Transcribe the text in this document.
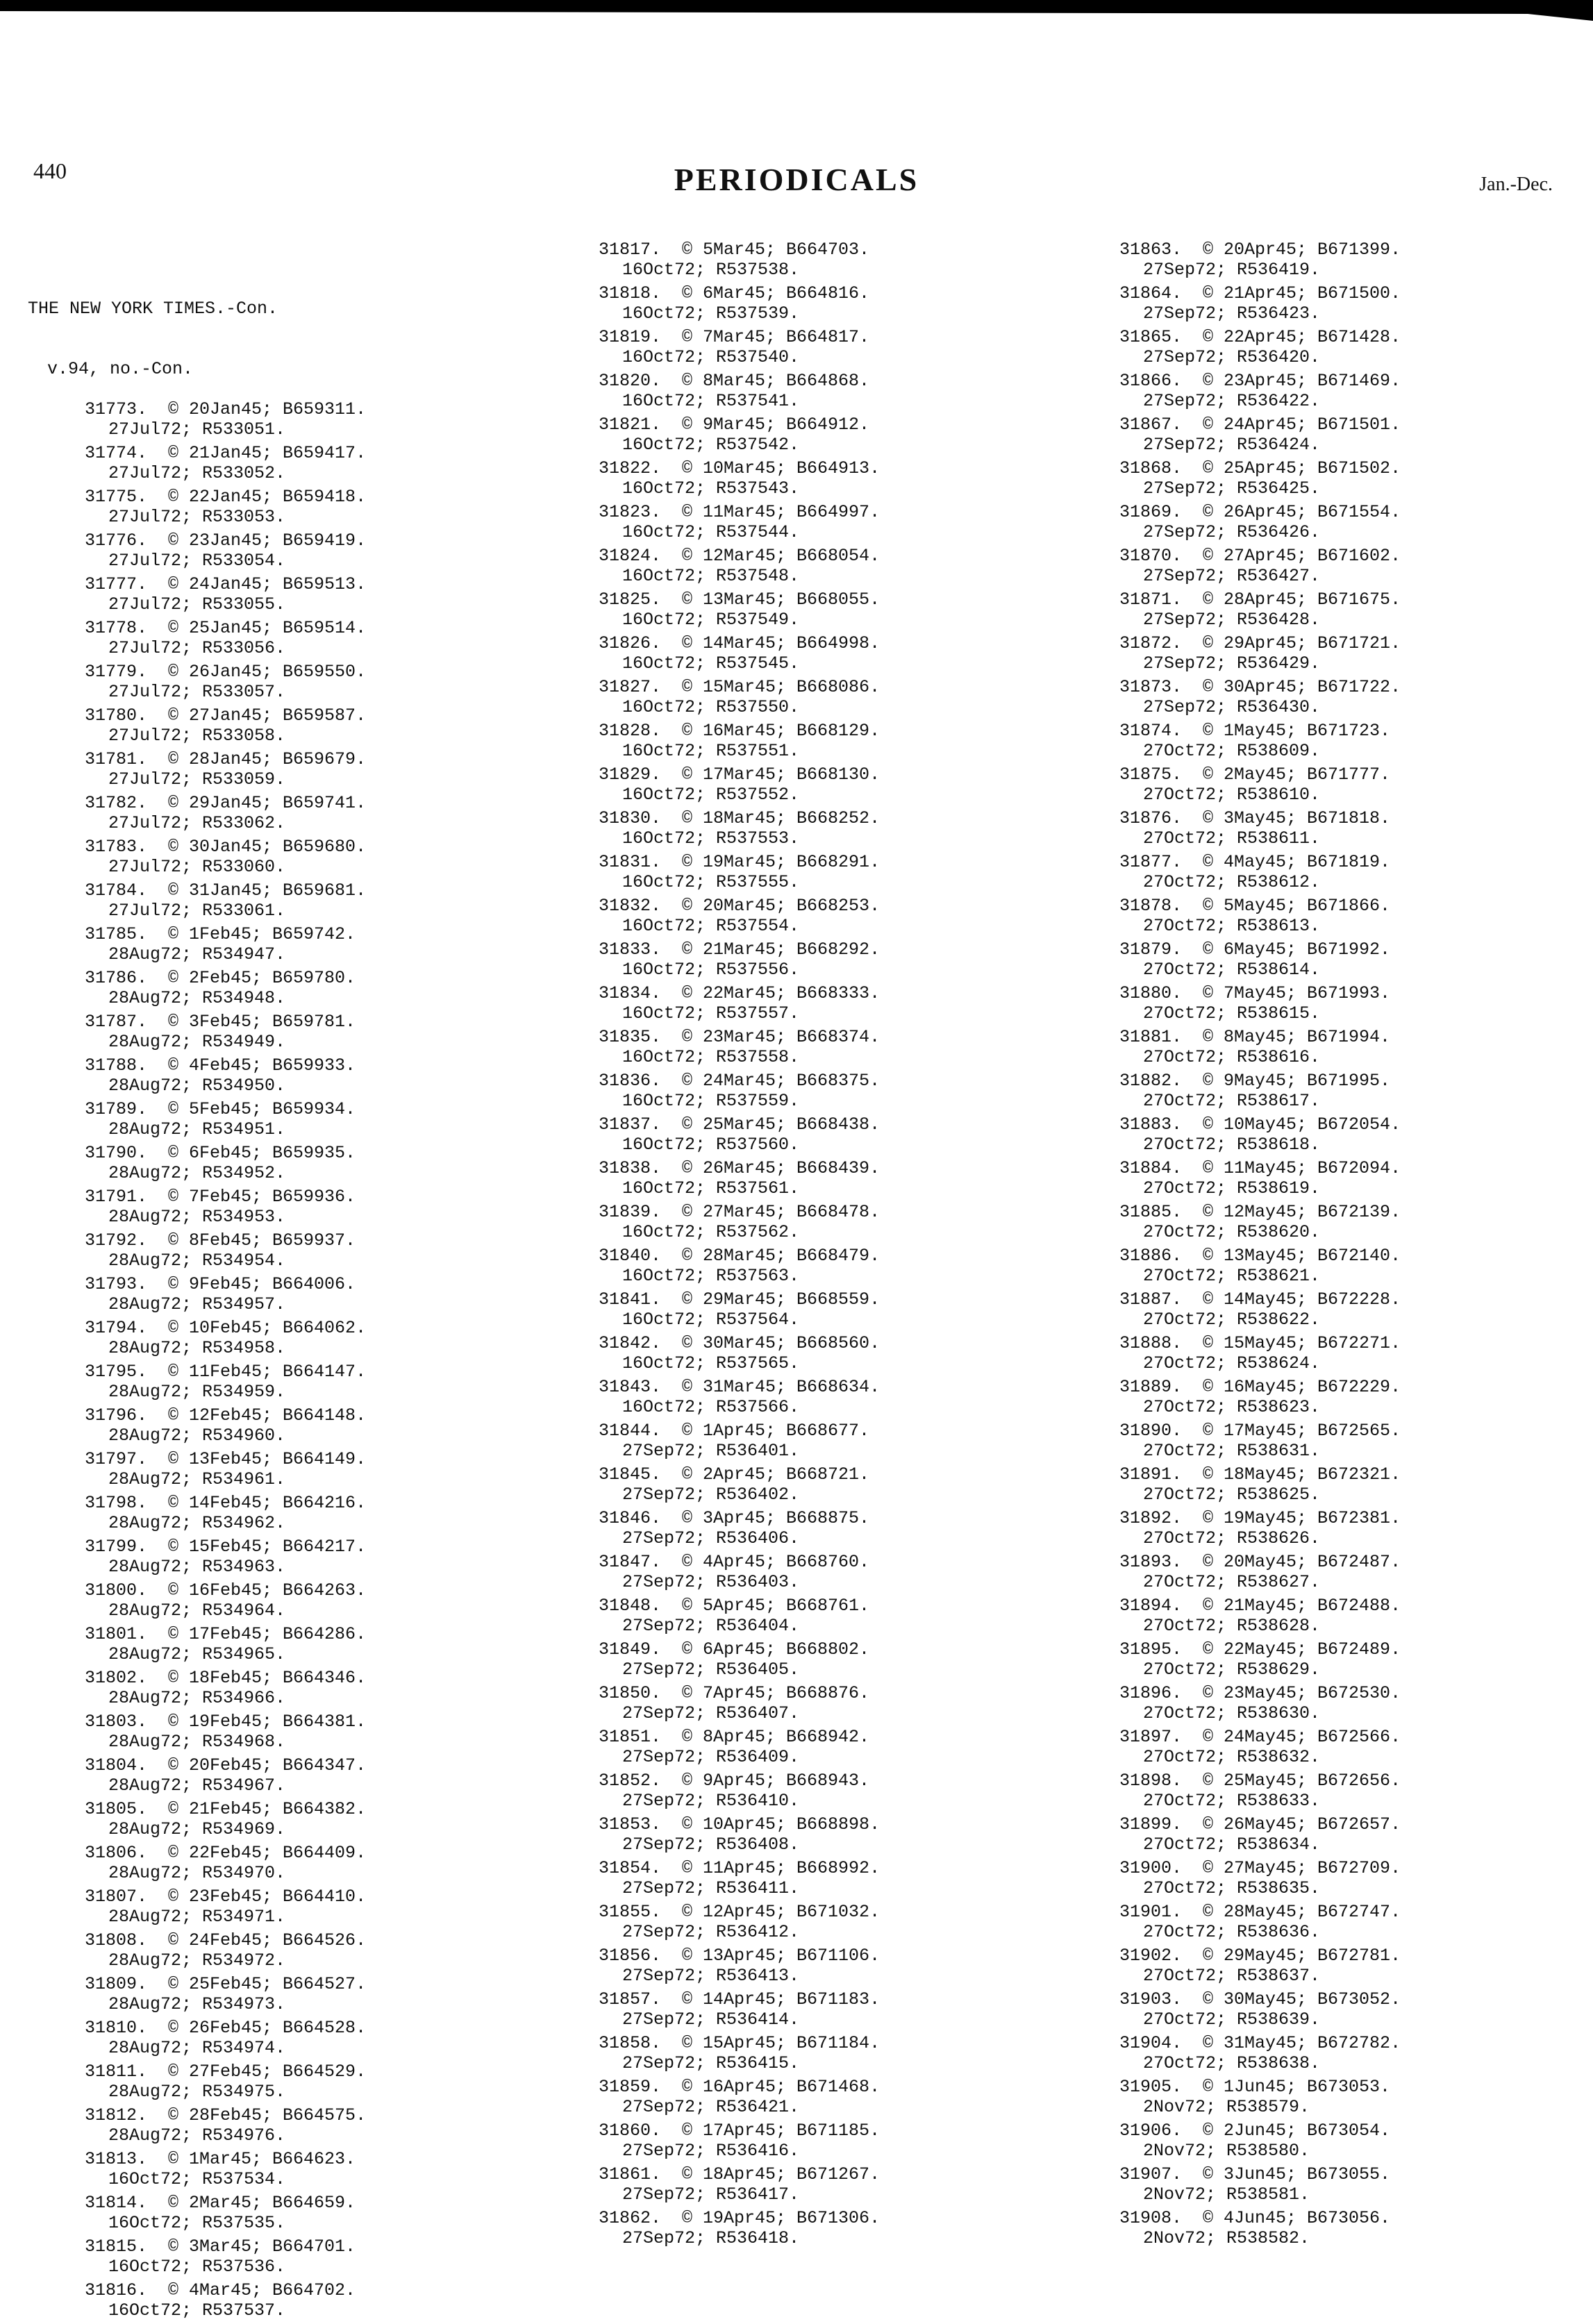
440	PERIODICALS	Jan.-Dec.

THE NEW YORK TIMES.-Con.

v.94, no.-Con.

31773.  © 20Jan45; B659311.
27Jul72; R533051.
31774.  © 21Jan45; B659417.
27Jul72; R533052.
31775.  © 22Jan45; B659418.
27Jul72; R533053.
31776.  © 23Jan45; B659419.
27Jul72; R533054.
31777.  © 24Jan45; B659513.
27Jul72; R533055.
31778.  © 25Jan45; B659514.
27Jul72; R533056.
31779.  © 26Jan45; B659550.
27Jul72; R533057.
31780.  © 27Jan45; B659587.
27Jul72; R533058.
31781.  © 28Jan45; B659679.
27Jul72; R533059.
31782.  © 29Jan45; B659741.
27Jul72; R533062.
31783.  © 30Jan45; B659680.
27Jul72; R533060.
31784.  © 31Jan45; B659681.
27Jul72; R533061.
31785.  © 1Feb45; B659742.
28Aug72; R534947.
31786.  © 2Feb45; B659780.
28Aug72; R534948.
31787.  © 3Feb45; B659781.
28Aug72; R534949.
31788.  © 4Feb45; B659933.
28Aug72; R534950.
31789.  © 5Feb45; B659934.
28Aug72; R534951.
31790.  © 6Feb45; B659935.
28Aug72; R534952.
31791.  © 7Feb45; B659936.
28Aug72; R534953.
31792.  © 8Feb45; B659937.
28Aug72; R534954.
31793.  © 9Feb45; B664006.
28Aug72; R534957.
31794.  © 10Feb45; B664062.
28Aug72; R534958.
31795.  © 11Feb45; B664147.
28Aug72; R534959.
31796.  © 12Feb45; B664148.
28Aug72; R534960.
31797.  © 13Feb45; B664149.
28Aug72; R534961.
31798.  © 14Feb45; B664216.
28Aug72; R534962.
31799.  © 15Feb45; B664217.
28Aug72; R534963.
31800.  © 16Feb45; B664263.
28Aug72; R534964.
31801.  © 17Feb45; B664286.
28Aug72; R534965.
31802.  © 18Feb45; B664346.
28Aug72; R534966.
31803.  © 19Feb45; B664381.
28Aug72; R534968.
31804.  © 20Feb45; B664347.
28Aug72; R534967.
31805.  © 21Feb45; B664382.
28Aug72; R534969.
31806.  © 22Feb45; B664409.
28Aug72; R534970.
31807.  © 23Feb45; B664410.
28Aug72; R534971.
31808.  © 24Feb45; B664526.
28Aug72; R534972.
31809.  © 25Feb45; B664527.
28Aug72; R534973.
31810.  © 26Feb45; B664528.
28Aug72; R534974.
31811.  © 27Feb45; B664529.
28Aug72; R534975.
31812.  © 28Feb45; B664575.
28Aug72; R534976.
31813.  © 1Mar45; B664623.
16Oct72; R537534.
31814.  © 2Mar45; B664659.
16Oct72; R537535.
31815.  © 3Mar45; B664701.
16Oct72; R537536.
31816.  © 4Mar45; B664702.
16Oct72; R537537.
31817.  © 5Mar45; B664703.
16Oct72; R537538.
31818.  © 6Mar45; B664816.
16Oct72; R537539.
31819.  © 7Mar45; B664817.
16Oct72; R537540.
31820.  © 8Mar45; B664868.
16Oct72; R537541.
31821.  © 9Mar45; B664912.
16Oct72; R537542.
31822.  © 10Mar45; B664913.
16Oct72; R537543.
31823.  © 11Mar45; B664997.
16Oct72; R537544.
31824.  © 12Mar45; B668054.
16Oct72; R537548.
31825.  © 13Mar45; B668055.
16Oct72; R537549.
31826.  © 14Mar45; B664998.
16Oct72; R537545.
31827.  © 15Mar45; B668086.
16Oct72; R537550.
31828.  © 16Mar45; B668129.
16Oct72; R537551.
31829.  © 17Mar45; B668130.
16Oct72; R537552.
31830.  © 18Mar45; B668252.
16Oct72; R537553.
31831.  © 19Mar45; B668291.
16Oct72; R537555.
31832.  © 20Mar45; B668253.
16Oct72; R537554.
31833.  © 21Mar45; B668292.
16Oct72; R537556.
31834.  © 22Mar45; B668333.
16Oct72; R537557.
31835.  © 23Mar45; B668374.
16Oct72; R537558.
31836.  © 24Mar45; B668375.
16Oct72; R537559.
31837.  © 25Mar45; B668438.
16Oct72; R537560.
31838.  © 26Mar45; B668439.
16Oct72; R537561.
31839.  © 27Mar45; B668478.
16Oct72; R537562.
31840.  © 28Mar45; B668479.
16Oct72; R537563.
31841.  © 29Mar45; B668559.
16Oct72; R537564.
31842.  © 30Mar45; B668560.
16Oct72; R537565.
31843.  © 31Mar45; B668634.
16Oct72; R537566.
31844.  © 1Apr45; B668677.
27Sep72; R536401.
31845.  © 2Apr45; B668721.
27Sep72; R536402.
31846.  © 3Apr45; B668875.
27Sep72; R536406.
31847.  © 4Apr45; B668760.
27Sep72; R536403.
31848.  © 5Apr45; B668761.
27Sep72; R536404.
31849.  © 6Apr45; B668802.
27Sep72; R536405.
31850.  © 7Apr45; B668876.
27Sep72; R536407.
31851.  © 8Apr45; B668942.
27Sep72; R536409.
31852.  © 9Apr45; B668943.
27Sep72; R536410.
31853.  © 10Apr45; B668898.
27Sep72; R536408.
31854.  © 11Apr45; B668992.
27Sep72; R536411.
31855.  © 12Apr45; B671032.
27Sep72; R536412.
31856.  © 13Apr45; B671106.
27Sep72; R536413.
31857.  © 14Apr45; B671183.
27Sep72; R536414.
31858.  © 15Apr45; B671184.
27Sep72; R536415.
31859.  © 16Apr45; B671468.
27Sep72; R536421.
31860.  © 17Apr45; B671185.
27Sep72; R536416.
31861.  © 18Apr45; B671267.
27Sep72; R536417.
31862.  © 19Apr45; B671306.
27Sep72; R536418.
31863.  © 20Apr45; B671399.
27Sep72; R536419.
31864.  © 21Apr45; B671500.
27Sep72; R536423.
31865.  © 22Apr45; B671428.
27Sep72; R536420.
31866.  © 23Apr45; B671469.
27Sep72; R536422.
31867.  © 24Apr45; B671501.
27Sep72; R536424.
31868.  © 25Apr45; B671502.
27Sep72; R536425.
31869.  © 26Apr45; B671554.
27Sep72; R536426.
31870.  © 27Apr45; B671602.
27Sep72; R536427.
31871.  © 28Apr45; B671675.
27Sep72; R536428.
31872.  © 29Apr45; B671721.
27Sep72; R536429.
31873.  © 30Apr45; B671722.
27Sep72; R536430.
31874.  © 1May45; B671723.
27Oct72; R538609.
31875.  © 2May45; B671777.
27Oct72; R538610.
31876.  © 3May45; B671818.
27Oct72; R538611.
31877.  © 4May45; B671819.
27Oct72; R538612.
31878.  © 5May45; B671866.
27Oct72; R538613.
31879.  © 6May45; B671992.
27Oct72; R538614.
31880.  © 7May45; B671993.
27Oct72; R538615.
31881.  © 8May45; B671994.
27Oct72; R538616.
31882.  © 9May45; B671995.
27Oct72; R538617.
31883.  © 10May45; B672054.
27Oct72; R538618.
31884.  © 11May45; B672094.
27Oct72; R538619.
31885.  © 12May45; B672139.
27Oct72; R538620.
31886.  © 13May45; B672140.
27Oct72; R538621.
31887.  © 14May45; B672228.
27Oct72; R538622.
31888.  © 15May45; B672271.
27Oct72; R538624.
31889.  © 16May45; B672229.
27Oct72; R538623.
31890.  © 17May45; B672565.
27Oct72; R538631.
31891.  © 18May45; B672321.
27Oct72; R538625.
31892.  © 19May45; B672381.
27Oct72; R538626.
31893.  © 20May45; B672487.
27Oct72; R538627.
31894.  © 21May45; B672488.
27Oct72; R538628.
31895.  © 22May45; B672489.
27Oct72; R538629.
31896.  © 23May45; B672530.
27Oct72; R538630.
31897.  © 24May45; B672566.
27Oct72; R538632.
31898.  © 25May45; B672656.
27Oct72; R538633.
31899.  © 26May45; B672657.
27Oct72; R538634.
31900.  © 27May45; B672709.
27Oct72; R538635.
31901.  © 28May45; B672747.
27Oct72; R538636.
31902.  © 29May45; B672781.
27Oct72; R538637.
31903.  © 30May45; B673052.
27Oct72; R538639.
31904.  © 31May45; B672782.
27Oct72; R538638.
31905.  © 1Jun45; B673053.
2Nov72; R538579.
31906.  © 2Jun45; B673054.
2Nov72; R538580.
31907.  © 3Jun45; B673055.
2Nov72; R538581.
31908.  © 4Jun45; B673056.
2Nov72; R538582.
